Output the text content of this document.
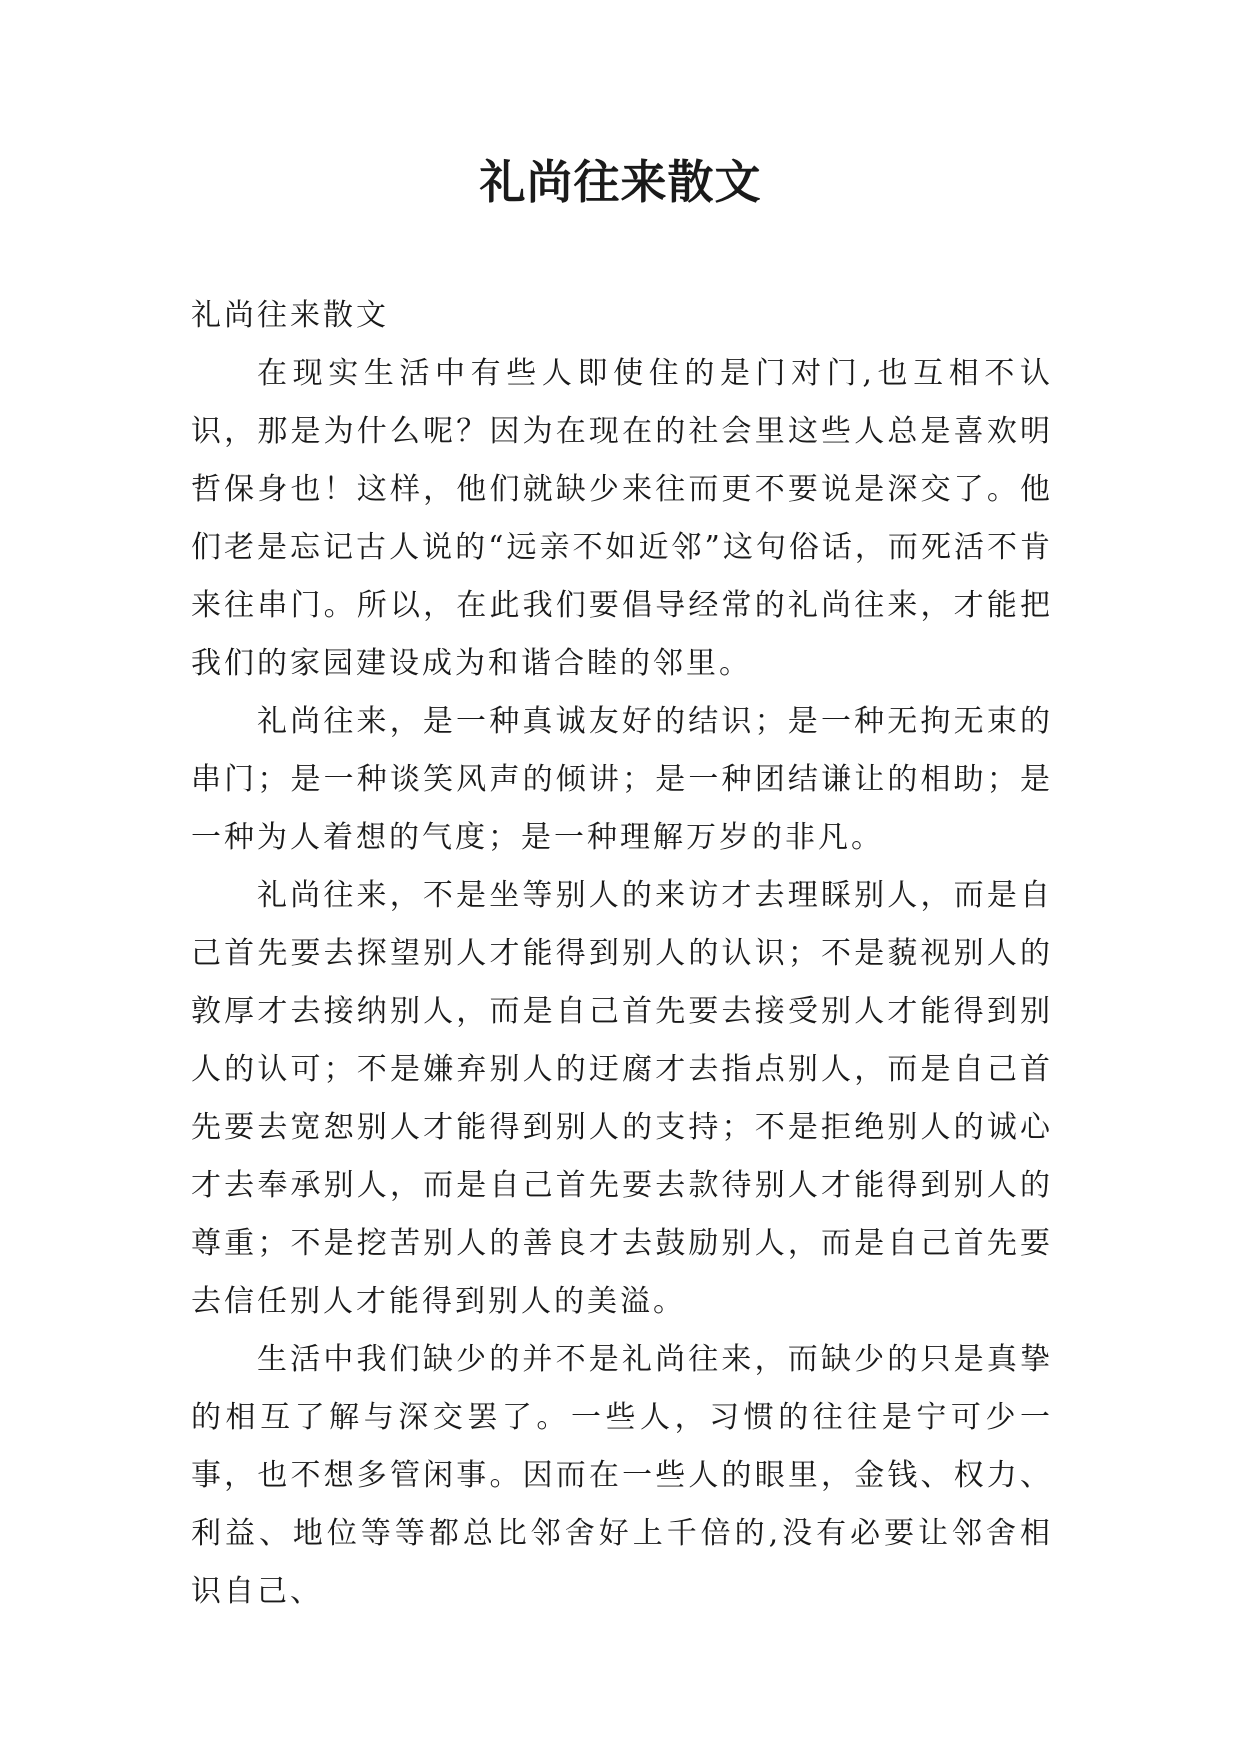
礼尚往来散文

礼尚往来散文

在现实生活中有些人即使住的是门对门,也互相不认识，那是为什么呢？因为在现在的社会里这些人总是喜欢明哲保身也！这样，他们就缺少来往而更不要说是深交了。他们老是忘记古人说的“远亲不如近邻”这句俗话，而死活不肯来往串门。所以，在此我们要倡导经常的礼尚往来，才能把我们的家园建设成为和谐合睦的邻里。

礼尚往来，是一种真诚友好的结识；是一种无拘无束的串门；是一种谈笑风声的倾讲；是一种团结谦让的相助；是一种为人着想的气度；是一种理解万岁的非凡。

礼尚往来，不是坐等别人的来访才去理睬别人，而是自己首先要去探望别人才能得到别人的认识；不是藐视别人的敦厚才去接纳别人，而是自己首先要去接受别人才能得到别人的认可；不是嫌弃别人的迂腐才去指点别人，而是自己首先要去宽恕别人才能得到别人的支持；不是拒绝别人的诚心才去奉承别人，而是自己首先要去款待别人才能得到别人的尊重；不是挖苦别人的善良才去鼓励别人，而是自己首先要去信任别人才能得到别人的美溢。

生活中我们缺少的并不是礼尚往来，而缺少的只是真挚的相互了解与深交罢了。一些人，习惯的往往是宁可少一事，也不想多管闲事。因而在一些人的眼里，金钱、权力、利益、地位等等都总比邻舍好上千倍的,没有必要让邻舍相识自己、
